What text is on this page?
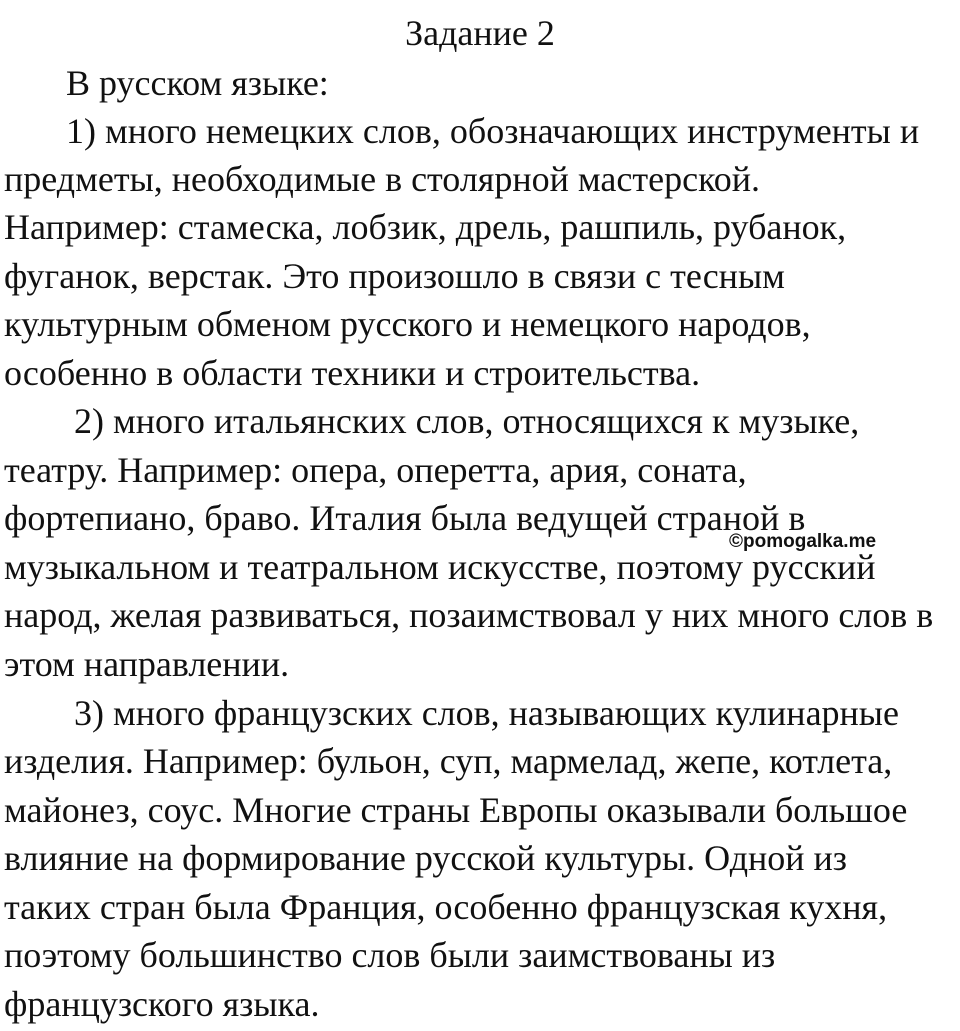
Задание 2
В русском языке:
1) много немецких слов, обозначающих инструменты и
предметы, необходимые в столярной мастерской.
Например: стамеска, лобзик, дрель, рашпиль, рубанок,
фуганок, верстак. Это произошло в связи с тесным
культурным обменом русского и немецкого народов,
особенно в области техники и строительства.
2) много итальянских слов, относящихся к музыке,
театру. Например: опера, оперетта, ария, соната,
фортепиано, браво. Италия была ведущей страной в
музыкальном и театральном искусстве, поэтому русский
народ, желая развиваться, позаимствовал у них много слов в
этом направлении.
3) много французских слов, называющих кулинарные
изделия. Например: бульон, суп, мармелад, жепе, котлета,
майонез, соус. Многие страны Европы оказывали большое
влияние на формирование русской культуры. Одной из
таких стран была Франция, особенно французская кухня,
поэтому большинство слов были заимствованы из
французского языка.
©pomogalka.me
